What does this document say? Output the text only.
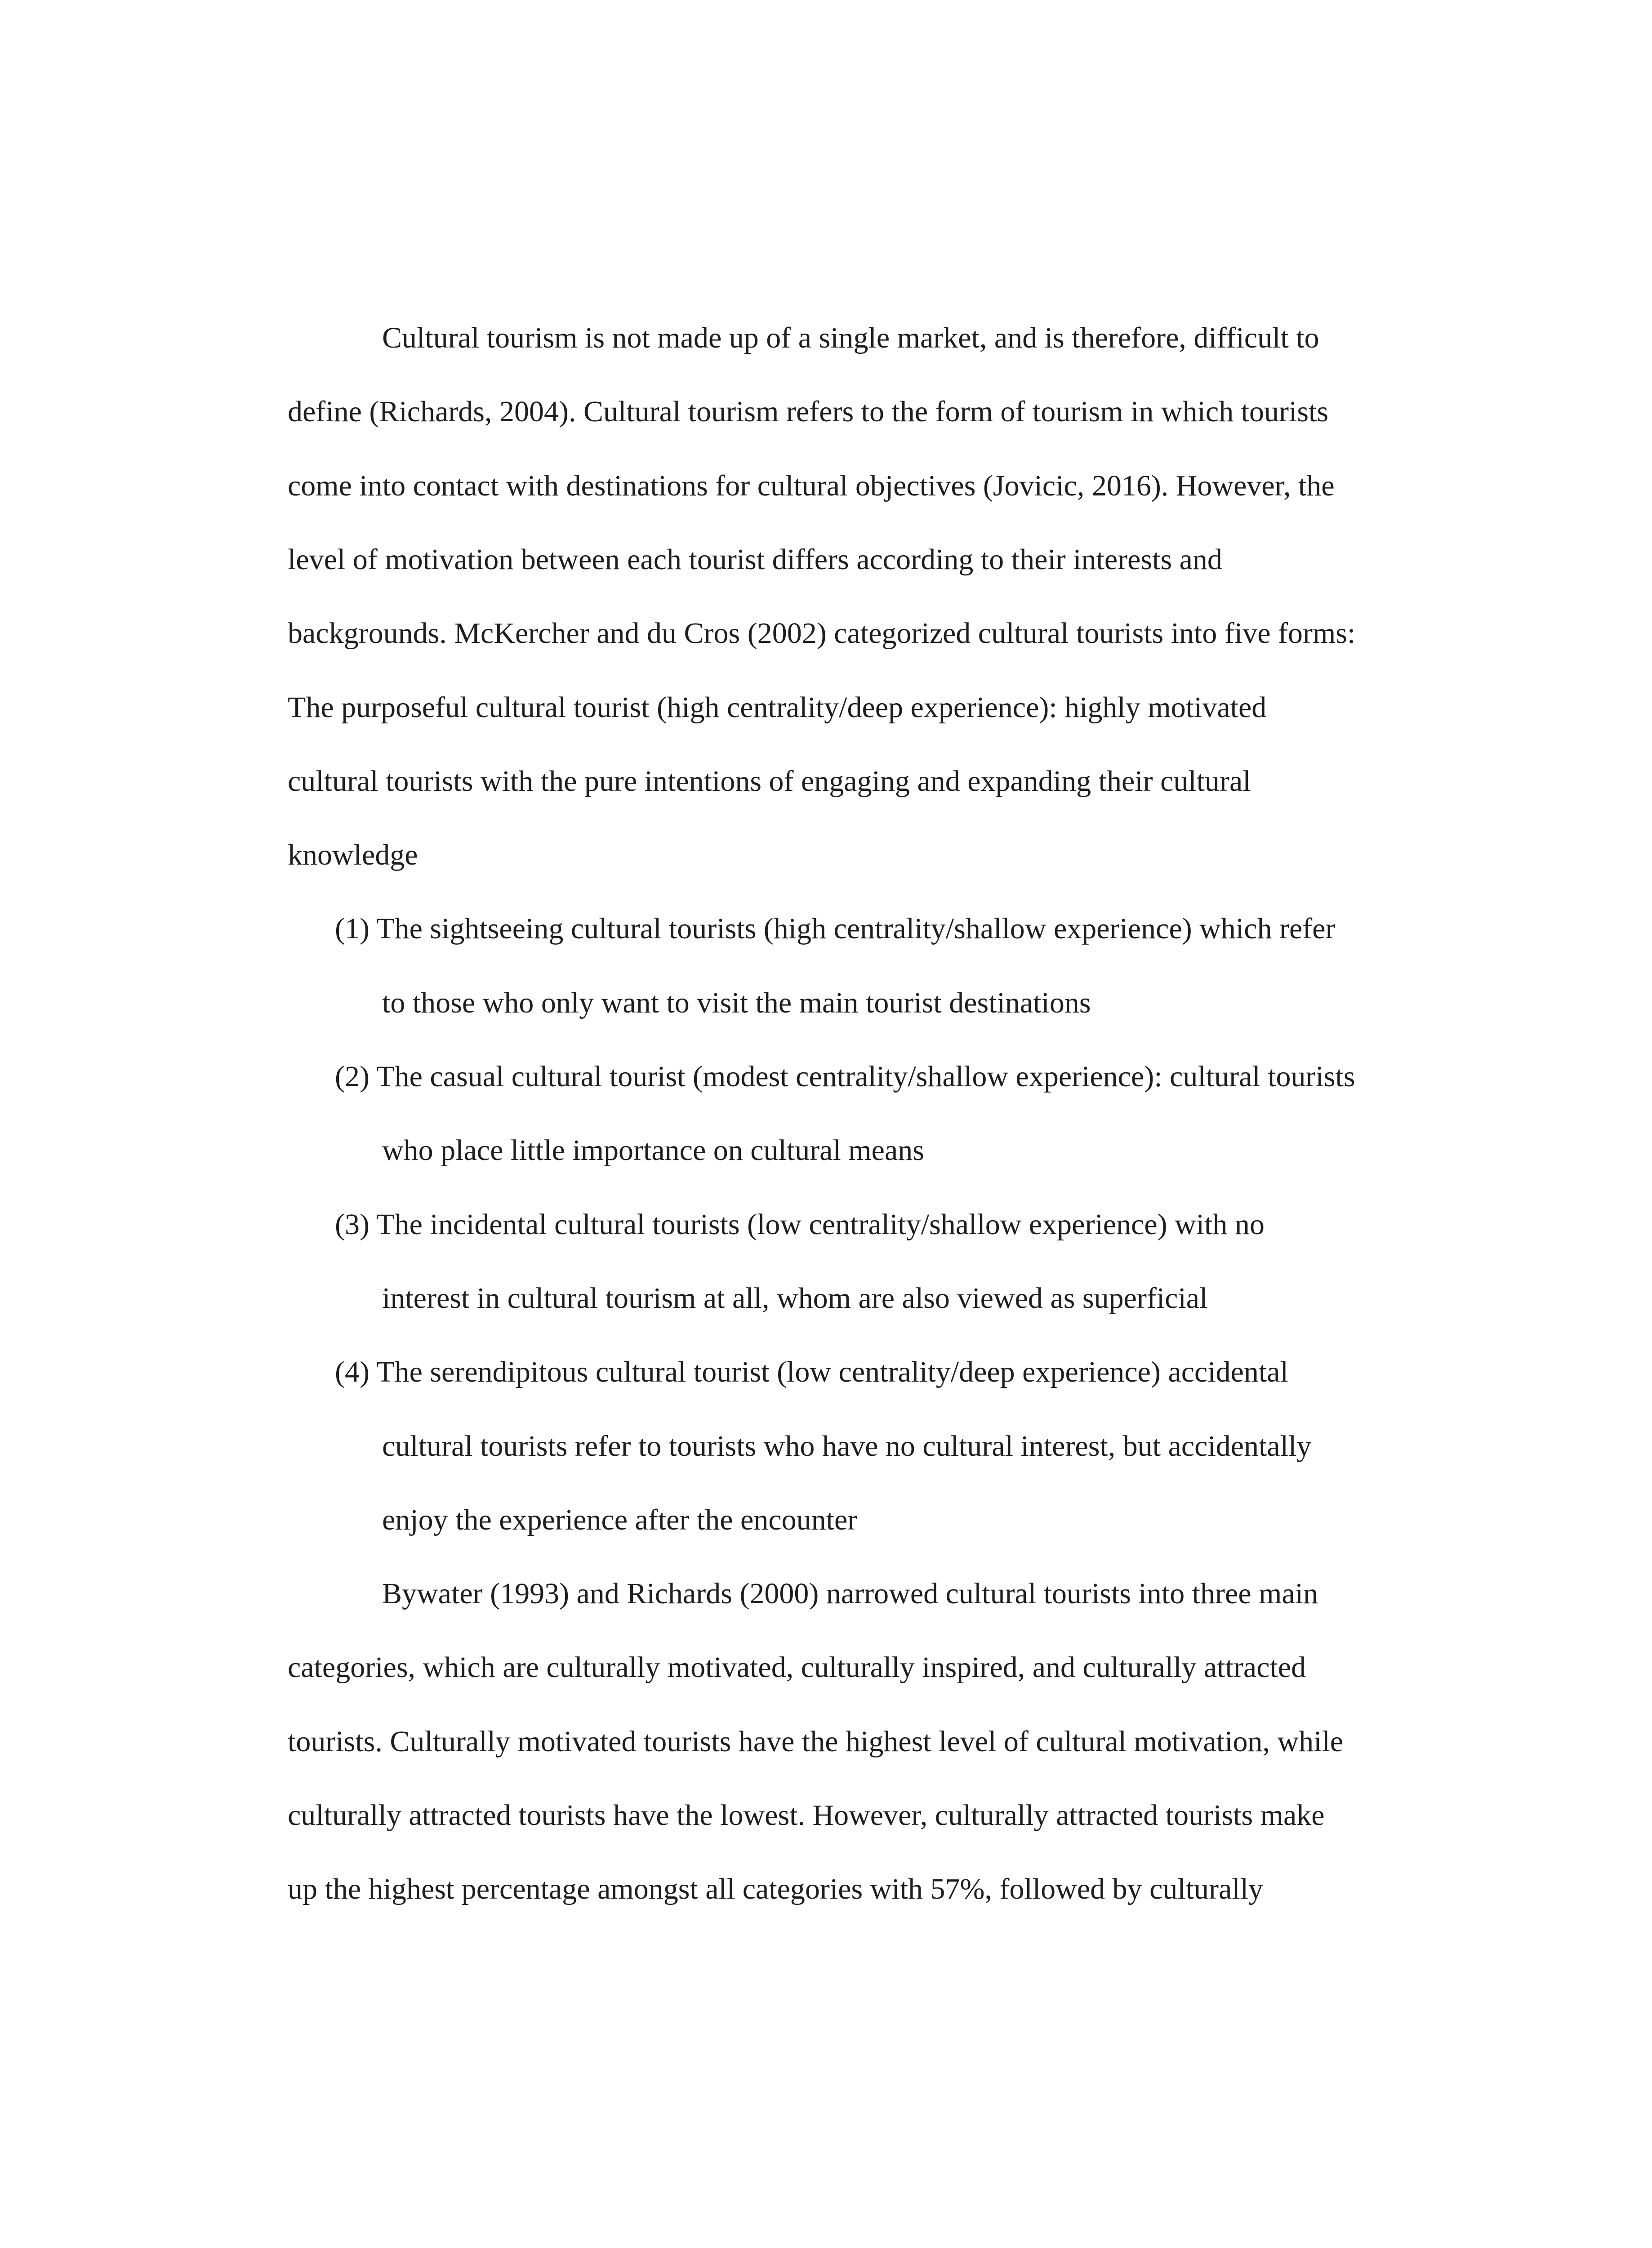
Cultural tourism is not made up of a single market, and is therefore, difficult to

define (Richards, 2004). Cultural tourism refers to the form of tourism in which tourists

come into contact with destinations for cultural objectives (Jovicic, 2016). However, the

level of motivation between each tourist differs according to their interests and

backgrounds. McKercher and du Cros (2002) categorized cultural tourists into five forms:

The purposeful cultural tourist (high centrality/deep experience): highly motivated

cultural tourists with the pure intentions of engaging and expanding their cultural

knowledge

(1) The sightseeing cultural tourists (high centrality/shallow experience) which refer

to those who only want to visit the main tourist destinations

(2) The casual cultural tourist (modest centrality/shallow experience): cultural tourists

who place little importance on cultural means

(3) The incidental cultural tourists (low centrality/shallow experience) with no

interest in cultural tourism at all, whom are also viewed as superficial

(4) The serendipitous cultural tourist (low centrality/deep experience) accidental

cultural tourists refer to tourists who have no cultural interest, but accidentally

enjoy the experience after the encounter

Bywater (1993) and Richards (2000) narrowed cultural tourists into three main

categories, which are culturally motivated, culturally inspired, and culturally attracted

tourists. Culturally motivated tourists have the highest level of cultural motivation, while

culturally attracted tourists have the lowest. However, culturally attracted tourists make

up the highest percentage amongst all categories with 57%, followed by culturally
